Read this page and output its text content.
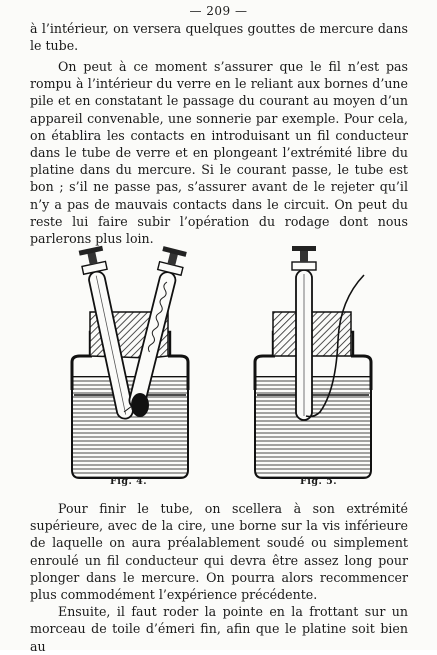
— 209 —

à l’intérieur, on versera quelques gouttes de mercure dans le tube.

On peut à ce moment s’assurer que le fil n’est pas rompu à l’intérieur du verre en le reliant aux bornes d’une pile et en constatant le passage du courant au moyen d’un appareil convenable, une sonnerie par exemple. Pour cela, on établira les contacts en introduisant un fil conducteur dans le tube de verre et en plongeant l’extrémité libre du platine dans du mercure. Si le courant passe, le tube est bon ; s’il ne passe pas, s’assurer avant de le rejeter qu’il n’y a pas de mauvais contacts dans le circuit. On peut du reste lui faire subir l’opération du rodage dont nous parlerons plus loin.

Fig. 4.	Fig. 5.

Pour finir le tube, on scellera à son extrémité supérieure, avec de la cire, une borne sur la vis inférieure de laquelle on aura préalablement soudé ou simplement enroulé un fil conducteur qui devra être assez long pour plonger dans le mercure. On pourra alors recommencer plus commodément l’expérience précédente.

Ensuite, il faut roder la pointe en la frottant sur un morceau de toile d’émeri fin, afin que le platine soit bien au
